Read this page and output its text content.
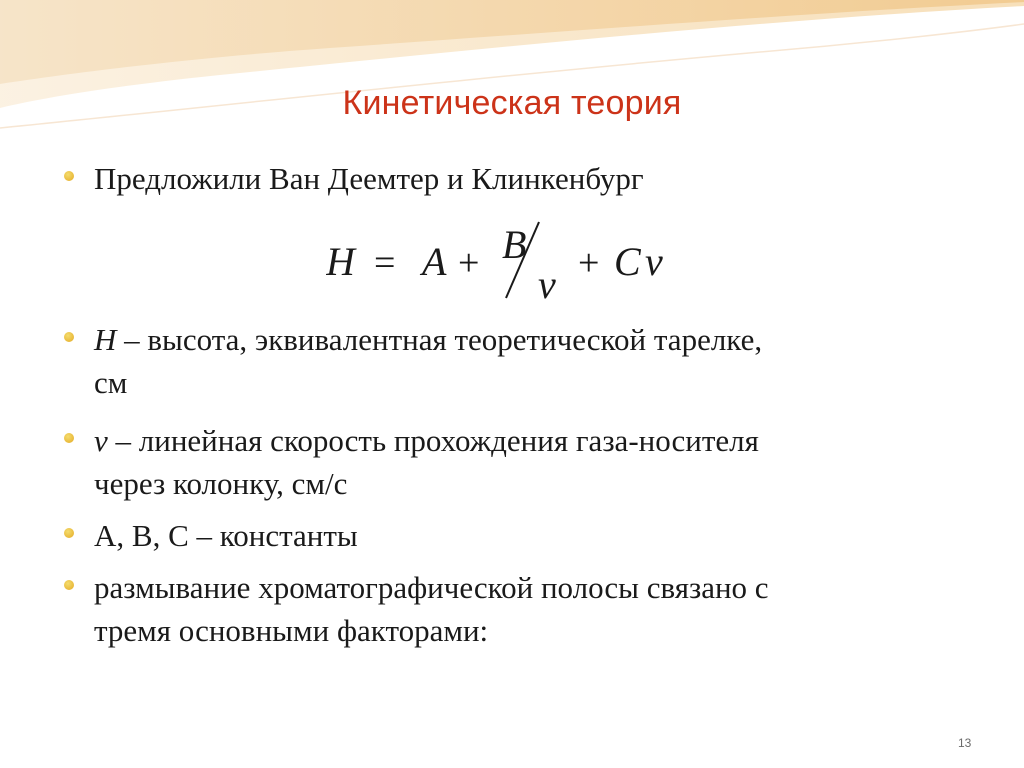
Кинетическая теория
Предложили Ван Деемтер и Клинкенбург
H	B
v
C v
A
= +	+
H – высота, эквивалентная теоретической тарелке,
см
v – линейная скорость прохождения газа-носителя
через колонку, см/с
А, В, С – константы
размывание хроматографической полосы связано с
тремя основными факторами:
13
